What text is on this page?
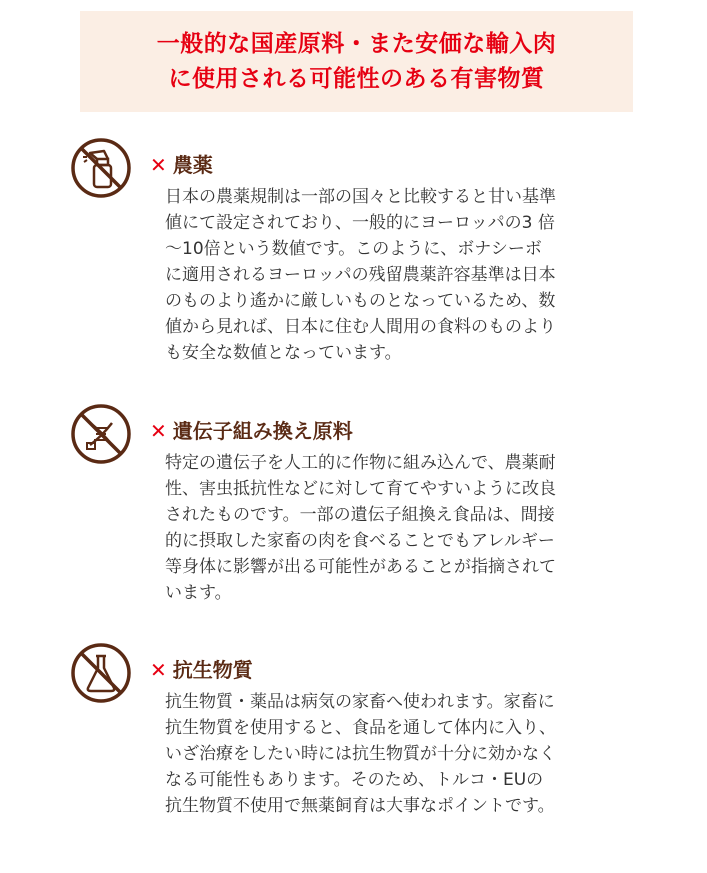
一般的な国産原料・また安価な輸入肉
に使用される可能性のある有害物質
✕ 農薬
日本の農薬規制は一部の国々と比較すると甘い基準
値にて設定されており、一般的にヨーロッパの3 倍
〜10倍という数値です。このように、ボナシーボ
に適用されるヨーロッパの残留農薬許容基準は日本
のものより遙かに厳しいものとなっているため、数
値から見れば、日本に住む人間用の食料のものより
も安全な数値となっています。
✕ 遺伝子組み換え原料
特定の遺伝子を人工的に作物に組み込んで、農薬耐
性、害虫抵抗性などに対して育てやすいように改良
されたものです。一部の遺伝子組換え食品は、間接
的に摂取した家畜の肉を食べることでもアレルギー
等身体に影響が出る可能性があることが指摘されて
います。
✕ 抗生物質
抗生物質・薬品は病気の家畜へ使われます。家畜に
抗生物質を使用すると、食品を通して体内に入り、
いざ治療をしたい時には抗生物質が十分に効かなく
なる可能性もあります。そのため、トルコ・EUの
抗生物質不使用で無薬飼育は大事なポイントです。
